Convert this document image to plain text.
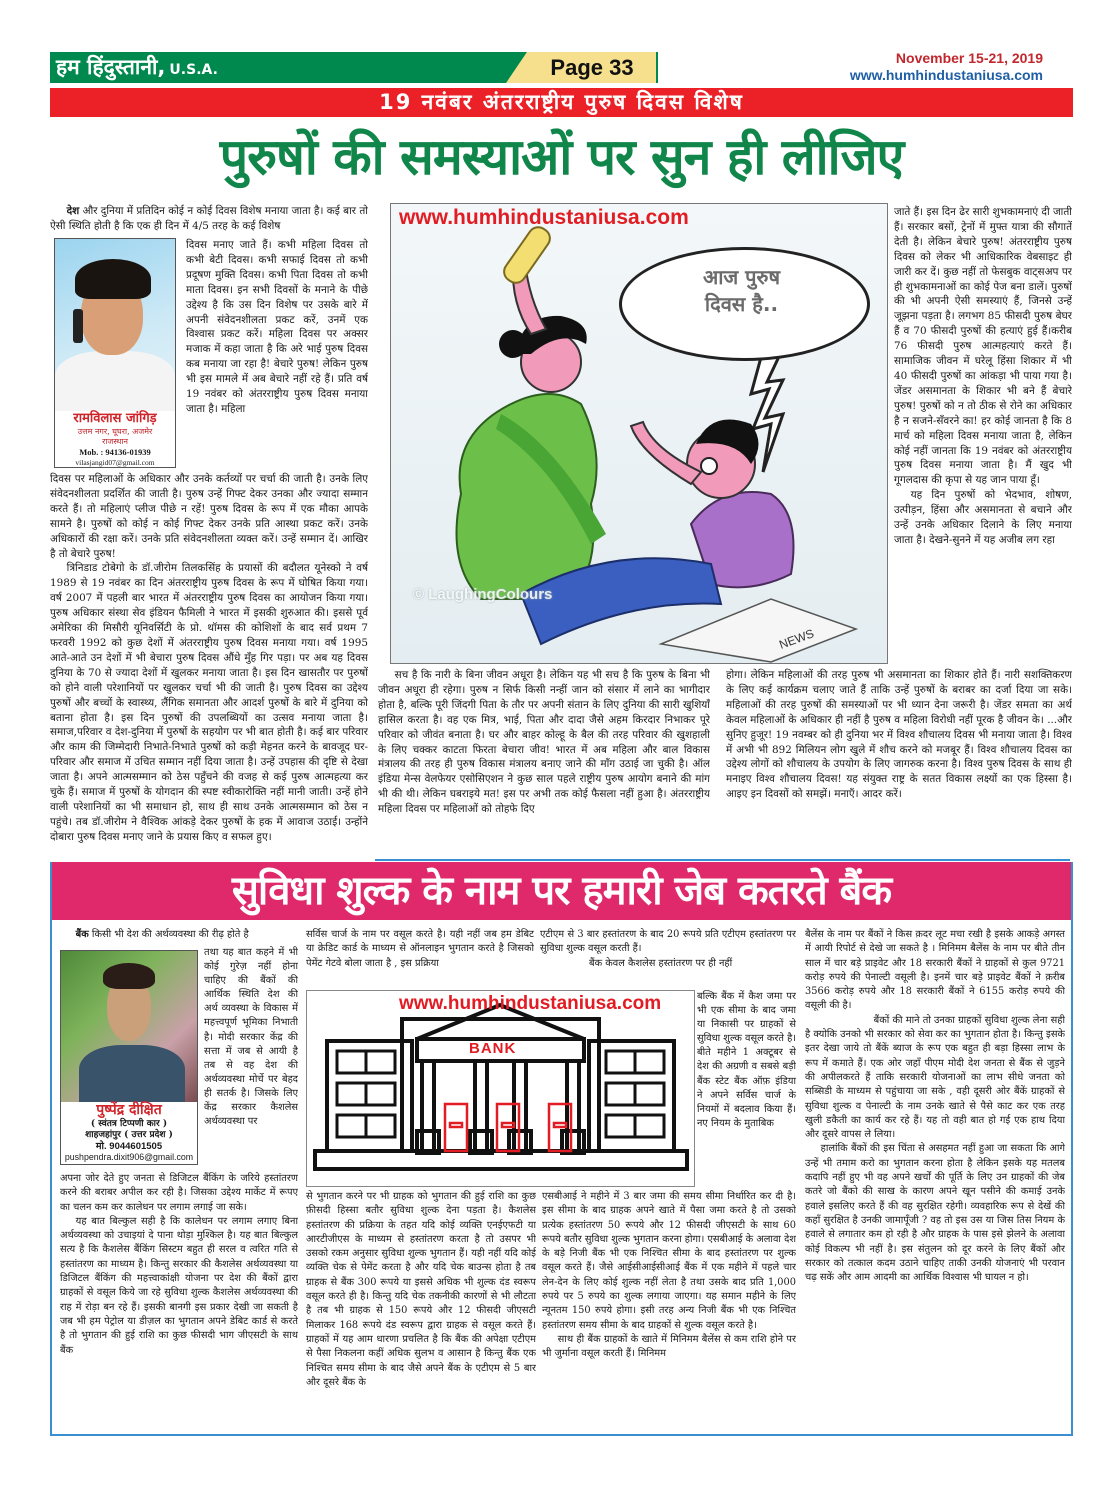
हम हिंदुस्तानी, U.S.A.	Page 33	November 15-21, 2019
www.humhindustaniusa.com
19 नवंबर अंतरराष्ट्रीय पुरुष दिवस विशेष
पुरुषों की समस्याओं पर सुन ही लीजिए

देश और दुनिया में प्रतिदिन कोई न कोई दिवस विशेष मनाया जाता है। कई बार तो ऐसी स्थिति होती है कि एक ही दिन में 4/5 तरह के कई विशेष

रामविलास जांगिड़
उत्तम नगर, घूघरा, अजमेर
राजस्थान
Mob. : 94136-01939
vilasjangid07@gmail.com

दिवस मनाए जाते हैं। कभी महिला दिवस तो कभी बेटी दिवस। कभी सफाई दिवस तो कभी प्रदूषण मुक्ति दिवस। कभी पिता दिवस तो कभी माता दिवस। इन सभी दिवसों के मनाने के पीछे उद्देश्य है कि उस दिन विशेष पर उसके बारे में अपनी संवेदनशीलता प्रकट करें, उनमें एक विश्वास प्रकट करें। महिला दिवस पर अक्सर मजाक में कहा जाता है कि अरे भाई पुरुष दिवस कब मनाया जा रहा है! बेचारे पुरुष! लेकिन पुरुष भी इस मामले में अब बेचारे नहीं रहे हैं। प्रति वर्ष 19 नवंबर को अंतरराष्ट्रीय पुरुष दिवस मनाया जाता है। महिला

दिवस पर महिलाओं के अधिकार और उनके कर्तव्यों पर चर्चा की जाती है। उनके लिए संवेदनशीलता प्रदर्शित की जाती है। पुरुष उन्हें गिफ्ट देकर उनका और ज्यादा सम्मान करते हैं। तो महिलाएं प्लीज पीछे न रहें! पुरुष दिवस के रूप में एक मौका आपके सामने है। पुरुषों को कोई न कोई गिफ्ट देकर उनके प्रति आस्था प्रकट करें। उनके अधिकारों की रक्षा करें। उनके प्रति संवेदनशीलता व्यक्त करें। उन्हें सम्मान दें। आखिर है तो बेचारे पुरुष!

त्रिनिडाड टोबेगो के डॉ.जीरोम तिलकसिंह के प्रयासों की बदौलत यूनेस्को ने वर्ष 1989 से 19 नवंबर का दिन अंतरराष्ट्रीय पुरुष दिवस के रूप में घोषित किया गया। वर्ष 2007 में पहली बार भारत में अंतरराष्ट्रीय पुरुष दिवस का आयोजन किया गया। पुरुष अधिकार संस्था सेव इंडियन फैमिली ने भारत में इसकी शुरुआत की। इससे पूर्व अमेरिका की मिसौरी यूनिवर्सिटी के प्रो. थॉमस की कोशिशों के बाद सर्व प्रथम 7 फरवरी 1992 को कुछ देशों में अंतरराष्ट्रीय पुरुष दिवस मनाया गया। वर्ष 1995 आते-आते उन देशों में भी बेचारा पुरुष दिवस औंधे मुँह गिर पड़ा। पर अब यह दिवस दुनिया के 70 से ज्यादा देशों में खुलकर मनाया जाता है। इस दिन खासतौर पर पुरुषों को होने वाली परेशानियों पर खुलकर चर्चा भी की जाती है। पुरुष दिवस का उद्देश्य पुरुषों और बच्चों के स्वास्थ्य, लैंगिक समानता और आदर्श पुरुषों के बारे में दुनिया को बताना होता है। इस दिन पुरुषों की उपलब्धियों का उत्सव मनाया जाता है। समाज,परिवार व देश-दुनिया में पुरुषों के सहयोग पर भी बात होती है। कई बार परिवार और काम की जिम्मेदारी निभाते-निभाते पुरुषों को कड़ी मेहनत करने के बावजूद घर-परिवार और समाज में उचित सम्मान नहीं दिया जाता है। उन्हें उपहास की दृष्टि से देखा जाता है। अपने आत्मसम्मान को ठेस पहुँचने की वजह से कई पुरुष आत्महत्या कर चुके हैं। समाज में पुरुषों के योगदान की स्पष्ट स्वीकारोक्ति नहीं मानी जाती। उन्हें होने वाली परेशानियों का भी समाधान हो, साथ ही साथ उनके आत्मसम्मान को ठेस न पहुंचे। तब डॉ.जीरोम ने वैश्विक आंकड़े देकर पुरुषों के हक में आवाज उठाई। उन्होंने दोबारा पुरुष दिवस मनाए जाने के प्रयास किए व सफल हुए।

NEWS
www.humhindustaniusa.com
आज पुरुष
दिवस है..
© LaughingColours

सच है कि नारी के बिना जीवन अधूरा है। लेकिन यह भी सच है कि पुरुष के बिना भी जीवन अधूरा ही रहेगा। पुरुष न सिर्फ किसी नन्हीं जान को संसार में लाने का भागीदार होता है, बल्कि पूरी जिंदगी पिता के तौर पर अपनी संतान के लिए दुनिया की सारी खुशियाँ हासिल करता है। वह एक मित्र, भाई, पिता और दादा जैसे अहम किरदार निभाकर पूरे परिवार को जीवंत बनाता है। घर और बाहर कोल्हू के बैल की तरह परिवार की खुशहाली के लिए चक्कर काटता फिरता बेचारा जीव! भारत में अब महिला और बाल विकास मंत्रालय की तरह ही पुरुष विकास मंत्रालय बनाए जाने की माँग उठाई जा चुकी है। ऑल इंडिया मेन्स वेलफेयर एसोसिएशन ने कुछ साल पहले राष्ट्रीय पुरुष आयोग बनाने की मांग भी की थी। लेकिन घबराइये मत! इस पर अभी तक कोई फैसला नहीं हुआ है। अंतरराष्ट्रीय महिला दिवस पर महिलाओं को तोहफे दिए

जाते हैं। इस दिन ढेर सारी शुभकामनाएं दी जाती हैं। सरकार बसों, ट्रेनों में मुफ्त यात्रा की सौगातें देती है। लेकिन बेचारे पुरुष! अंतरराष्ट्रीय पुरुष दिवस को लेकर भी आधिकारिक वेबसाइट ही जारी कर दें। कुछ नहीं तो फेसबुक वाट्सअप पर ही शुभकामनाओं का कोई पेज बना डालें। पुरुषों की भी अपनी ऐसी समस्याएं हैं, जिनसे उन्हें जूझना पड़ता है। लगभग 85 फीसदी पुरुष बेघर हैं व 70 फीसदी पुरुषों की हत्याएं हुई हैं।करीब 76 फीसदी पुरुष आत्महत्याएं करते हैं। सामाजिक जीवन में घरेलू हिंसा शिकार में भी 40 फीसदी पुरुषों का आंकड़ा भी पाया गया है। जेंडर असमानता के शिकार भी बने हैं बेचारे पुरुष! पुरुषों को न तो ठीक से रोने का अधिकार है न सजने-सँवरने का! हर कोई जानता है कि 8 मार्च को महिला दिवस मनाया जाता है, लेकिन कोई नहीं जानता कि 19 नवंबर को अंतरराष्ट्रीय पुरुष दिवस मनाया जाता है। मैं खुद भी गूगलदास की कृपा से यह जान पाया हूँ।

यह दिन पुरुषों को भेदभाव, शोषण, उत्पीड़न, हिंसा और असमानता से बचाने और उन्हें उनके अधिकार दिलाने के लिए मनाया जाता है। देखने-सुनने में यह अजीब लग रहा

होगा। लेकिन महिलाओं की तरह पुरुष भी असमानता का शिकार होते हैं। नारी सशक्तिकरण के लिए कई कार्यक्रम चलाए जाते हैं ताकि उन्हें पुरुषों के बराबर का दर्जा दिया जा सके। महिलाओं की तरह पुरुषों की समस्याओं पर भी ध्यान देना जरूरी है। जेंडर समता का अर्थ केवल महिलाओं के अधिकार ही नहीं है पुरुष व महिला विरोधी नहीं पूरक है जीवन के। ...और सुनिए हुजूर! 19 नवम्बर को ही दुनिया भर में विश्व शौचालय दिवस भी मनाया जाता है। विश्व में अभी भी 892 मिलियन लोग खुले में शौच करने को मजबूर हैं। विश्व शौचालय दिवस का उद्देश्य लोगों को शौचालय के उपयोग के लिए जागरुक करना है। विश्व पुरुष दिवस के साथ ही मनाइए विश्व शौचालय दिवस! यह संयुक्त राष्ट्र के सतत विकास लक्ष्यों का एक हिस्सा है। आइए इन दिवसों को समझें। मनाएँ। आदर करें।

सुविधा शुल्क के नाम पर हमारी जेब कतरते बैंक

बैंक किसी भी देश की अर्थव्यवस्था की रीढ़ होते है

पुष्पेंद्र दीक्षित
( स्वंतत्र टिप्पणी कार )
शाहजहांपुर ( उत्तर प्रदेश )
मो. 9044601505
pushpendra.dixit906@gmail.com

तथा यह बात कहने में भी कोई गुरेज़ नहीं होना चाहिए की बैंकों की आर्थिक स्थिति देश की अर्थ व्यवस्था के विकास में महत्त्वपूर्ण भूमिका निभाती है। मोदी सरकार केंद्र की सत्ता में जब से आयी है तब से वह देश की अर्थव्यवस्था मोर्चे पर बेहद ही सतर्क है। जिसके लिए केंद्र सरकार कैशलेस अर्थव्यवस्था पर

अपना जोर देते हुए जनता से डिजिटल बैंकिंग के जरिये हस्तांतरण करने की बराबर अपील कर रही है। जिसका उद्देश्य मार्केट में रूपए का चलन कम कर कालेधन पर लगाम लगाई जा सके।

यह बात बिल्कुल सही है कि कालेधन पर लगाम लगाए बिना अर्थव्यवस्था को उचाइयां दे पाना थोड़ा मुश्किल है। यह बात बिल्कुल सत्य है कि कैशलेस बैंकिंग सिस्टम बहुत ही सरल व त्वरित गति से हस्तांतरण का माध्यम है। किन्तु सरकार की कैशलेस अर्थव्यवस्था या डिजिटल बैंकिंग की महत्त्वाकांक्षी योजना पर देश की बैंकों द्वारा ग्राहकों से वसूल किये जा रहे सुविधा शुल्क कैशलेस अर्थव्यवस्था की राह में रोड़ा बन रहे हैं। इसकी बानगी इस प्रकार देखी जा सकती है जब भी हम पेट्रोल या डीज़ल का भुगतान अपने डेबिट कार्ड से करते है तो भुगतान की हुई राशि का कुछ फीसदी भाग जीएसटी के साथ बैंक

सर्विस चार्ज के नाम पर वसूल करते है। यही नहीं जब हम डेबिट या क्रेडिट कार्ड के माध्यम से ऑनलाइन भुगतान करते है जिसको पेमेंट गेटवे बोला जाता है , इस प्रक्रिया

www.humhindustaniusa.com
BANK

से भुगतान करने पर भी ग्राहक को भुगतान की हुई राशि का कुछ फ़ीसदी हिस्सा बतौर सुविधा शुल्क देना पड़ता है। कैशलेस हस्तांतरण की प्रक्रिया के तहत यदि कोई व्यक्ति एनईएफटी या आरटीजीएस के माध्यम से हस्तांतरण करता है तो उसपर भी उसको रकम अनुसार सुविधा शुल्क भुगतान हैं। यही नहीं यदि कोई व्यक्ति चेक से पेमेंट करता है और यदि चेक बाउन्स होता है तब ग्राहक से बैंक 300 रूपये या इससे अधिक भी शुल्क दंड स्वरूप वसूल करते ही है। किन्तु यदि चेक तकनीकी कारणों से भी लौटता है तब भी ग्राहक से 150 रूपये और 12 फीसदी जीएसटी मिलाकर 168 रूपये दंड स्वरूप द्वारा ग्राहक से वसूल करते हैं। ग्राहकों में यह आम धारणा प्रचलित है कि बैंक की अपेक्षा एटीएम से पैसा निकलना कहीं अधिक सुलभ व आसान है किन्तु बैंक एक निश्चित समय सीमा के बाद जैसे अपने बैंक के एटीएम से 5 बार और दूसरे बैंक के

एटीएम से 3 बार हस्तांतरण के बाद 20 रूपये प्रति एटीएम हस्तांतरण पर सुविधा शुल्क वसूल करती हैं।

बैंक केवल कैशलेस हस्तांतरण पर ही नहीं

बल्कि बैंक में कैश जमा पर भी एक सीमा के बाद जमा या निकासी पर ग्राहकों से सुविधा शुल्क वसूल करते है। बीते महीने 1 अक्टूबर से देश की अग्रणी व सबसे बड़ी बैंक स्टेट बैंक ऑफ़ इंडिया ने अपने सर्विस चार्ज के नियमों में बदलाव किया हैं। नए नियम के मुताबिक

एसबीआई ने महीने में 3 बार जमा की समय सीमा निर्धारित कर दी है। इस सीमा के बाद ग्राहक अपने खाते में पैसा जमा करते है तो उसको प्रत्येक हस्तांतरण 50 रूपये और 12 फीसदी जीएसटी के साथ 60 रूपये बतौर सुविधा शुल्क भुगतान करना होगा। एसबीआई के अलावा देश के बड़े निजी बैंक भी एक निश्चित सीमा के बाद हस्तांतरण पर शुल्क वसूल करते हैं। जैसे आईसीआईसीआई बैंक में एक महीने में पहले चार लेन-देन के लिए कोई शुल्क नहीं लेता है तथा उसके बाद प्रति 1,000 रुपये पर 5 रुपये का शुल्क लगाया जाएगा। यह समान महीने के लिए न्यूनतम 150 रुपये होगा। इसी तरह अन्य निजी बैंक भी एक निश्चित हस्तांतरण समय सीमा के बाद ग्राहकों से शुल्क वसूल करते है।

साथ ही बैंक ग्राहकों के खाते में मिनिमम बैलेंस से कम राशि होने पर भी जुर्माना वसूल करती हैं। मिनिमम

बैलेंस के नाम पर बैंकों ने किस क़दर लूट मचा रखी है इसके आकड़े अगस्त में आयी रिपोर्ट से देखे जा सकते है । मिनिमम बैलेंस के नाम पर बीते तीन साल में चार बड़े प्राइवेट और 18 सरकारी बैंकों ने ग्राहकों से कुल 9721 करोड़ रुपये की पेनाल्टी वसूली है। इनमें चार बड़े प्राइवेट बैंकों ने क़रीब 3566 करोड़ रुपये और 18 सरकारी बैंकों ने 6155 करोड़ रुपये की वसूली की है।

बैंकों की माने तो उनका ग्राहकों सुविधा शुल्क लेना सही है क्योकि उनको भी सरकार को सेवा कर का भुगतान होता है। किन्तु इसके इतर देखा जाये तो बैंकें ब्याज के रूप एक बहुत ही बड़ा हिस्सा लाभ के रूप में कमाते हैं। एक ओर जहाँ पीएम मोदी देश जनता से बैंक से जुड़ने की अपीलकरते हैं ताकि सरकारी योजनाओं का लाभ सीधे जनता को सब्सिडी के माध्यम से पहुंचाया जा सके , वही दूसरी ओर बैंकें ग्राहकों से सुविधा शुल्क व पेनाल्टी के नाम उनके खाते से पैसे काट कर एक तरह खुली डकैती का कार्य कर रहे हैं। यह तो वही बात हो गई एक हाथ दिया और दूसरे वापस ले लिया।

हालांकि बैंकों की इस चिंता से असहमत नहीं हुआ जा सकता कि आगे उन्हें भी तमाम करो का भुगतान करना होता है लेकिन इसके यह मतलब कदापि नहीं हुए भी वह अपने खर्चों की पूर्ति के लिए उन ग्राहकों की जेब कतरे जो बैंको की साख के कारण अपने खून पसीने की कमाई उनके हवाले इसलिए करते हैं की वह सुरक्षित रहेगी। व्यवहारिक रूप से देखें की कहाँ सुरक्षित है उनकी जामापूँजी ? वह तो इस उस या जिस तिस नियम के हवाले से लगातार कम हो रही है और ग्राहक के पास इसे झेलने के अलावा कोई विकल्प भी नहीं है। इस संतुलन को दूर करने के लिए बैंकों और सरकार को तत्काल कदम उठाने चाहिए ताकी उनकी योजनाएं भी परवान चढ़ सकें और आम आदमी का आर्थिक विश्वास भी घायल न हो।
